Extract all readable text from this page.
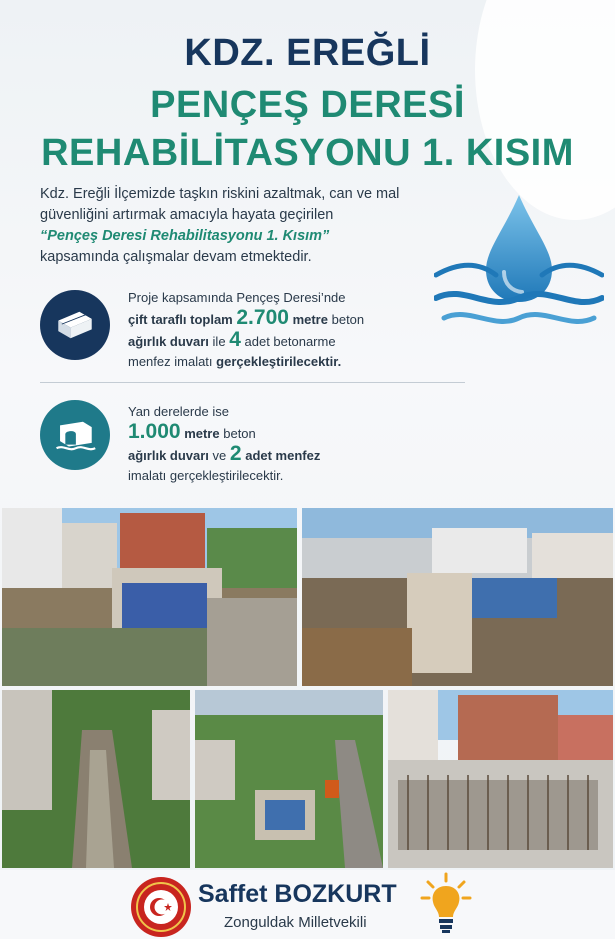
KDZ. EREĞLİ
PENÇEŞ DERESİ
REHABİLİTASYONU 1. KISIM
Kdz. Ereğli İlçemizde taşkın riskini azaltmak, can ve mal
güvenliğini artırmak amacıyla hayata geçirilen
“Pençeş Deresi Rehabilitasyonu 1. Kısım”
kapsamında çalışmalar devam etmektedir.
Proje kapsamında Pençeş Deresi’nde
çift taraflı toplam 2.700 metre beton
ağırlık duvarı ile 4 adet betonarme
menfez imalatı gerçekleştirilecektir.
Yan derelerde ise
1.000 metre beton
ağırlık duvarı ve 2 adet menfez
imalatı gerçekleştirilecektir.
Saffet BOZKURT
Zonguldak Milletvekili
